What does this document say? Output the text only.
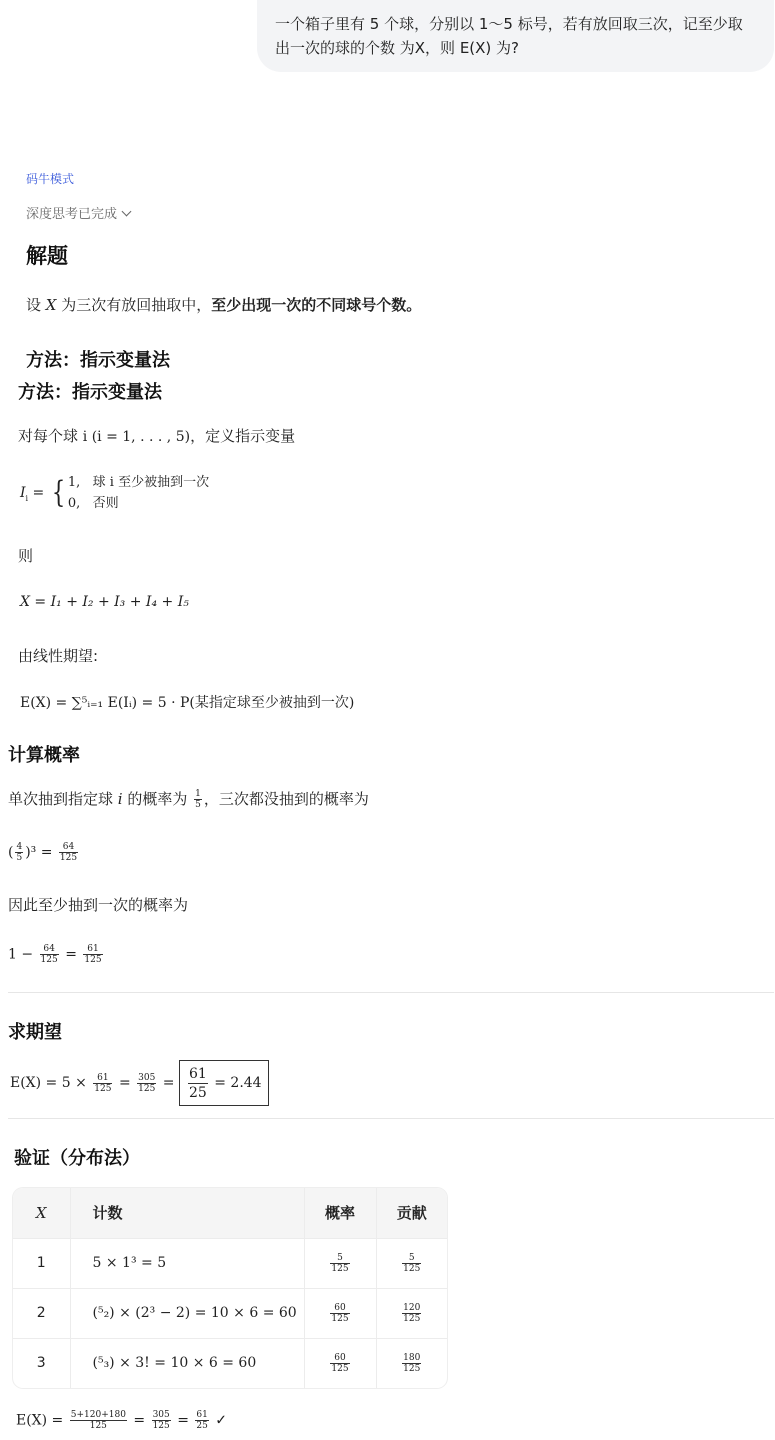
一个箱子里有 5 个球，分别以 1～5 标号，若有放回取三次，记至少取
出一次的球的个数 为X，则 E(X) 为?
码牛模式
深度思考已完成
解题
设 X 为三次有放回抽取中，至少出现一次的不同球号个数。
方法：指示变量法
方法：指示变量法
对每个球 i (i = 1, . . . , 5)，定义指示变量
$I_i$ = { 1, 球 i 至少被抽到一次
0, 否则
则
X = I₁ + I₂ + I₃ + I₄ + I₅
由线性期望:
E(X) = ∑⁵ᵢ₌₁ E(Iᵢ) = 5 · P(某指定球至少被抽到一次)
计算概率
单次抽到指定球 i 的概率为 $\frac{1}{5}$ ，三次都没抽到的概率为
( $\frac{4}{5} )^3 = \frac{64}{125}$
因此至少抽到一次的概率为
$1 - \frac{64}{125} = \frac{61}{125}$
求期望
$E(X) = 5 \times \frac{61}{125} = \frac{305}{125} = \frac{61}{25} = 2.44$
验证（分布法）
X	计数	概率	贡献
1	5 × 1³ = 5	$\frac{5}{125}$	$\frac{5}{125}$

2	(⁵₂) × (2³ − 2) = 10 × 6 = 60	$\frac{60}{125}$	$\frac{120}{125}$

3	(⁵₃) × 3! = 10 × 6 = 60	$\frac{60}{125}$	$\frac{180}{125}$
$E(X) = \frac{5+120+180}{125} = \frac{305}{125} = \frac{61}{25}$ ✓
